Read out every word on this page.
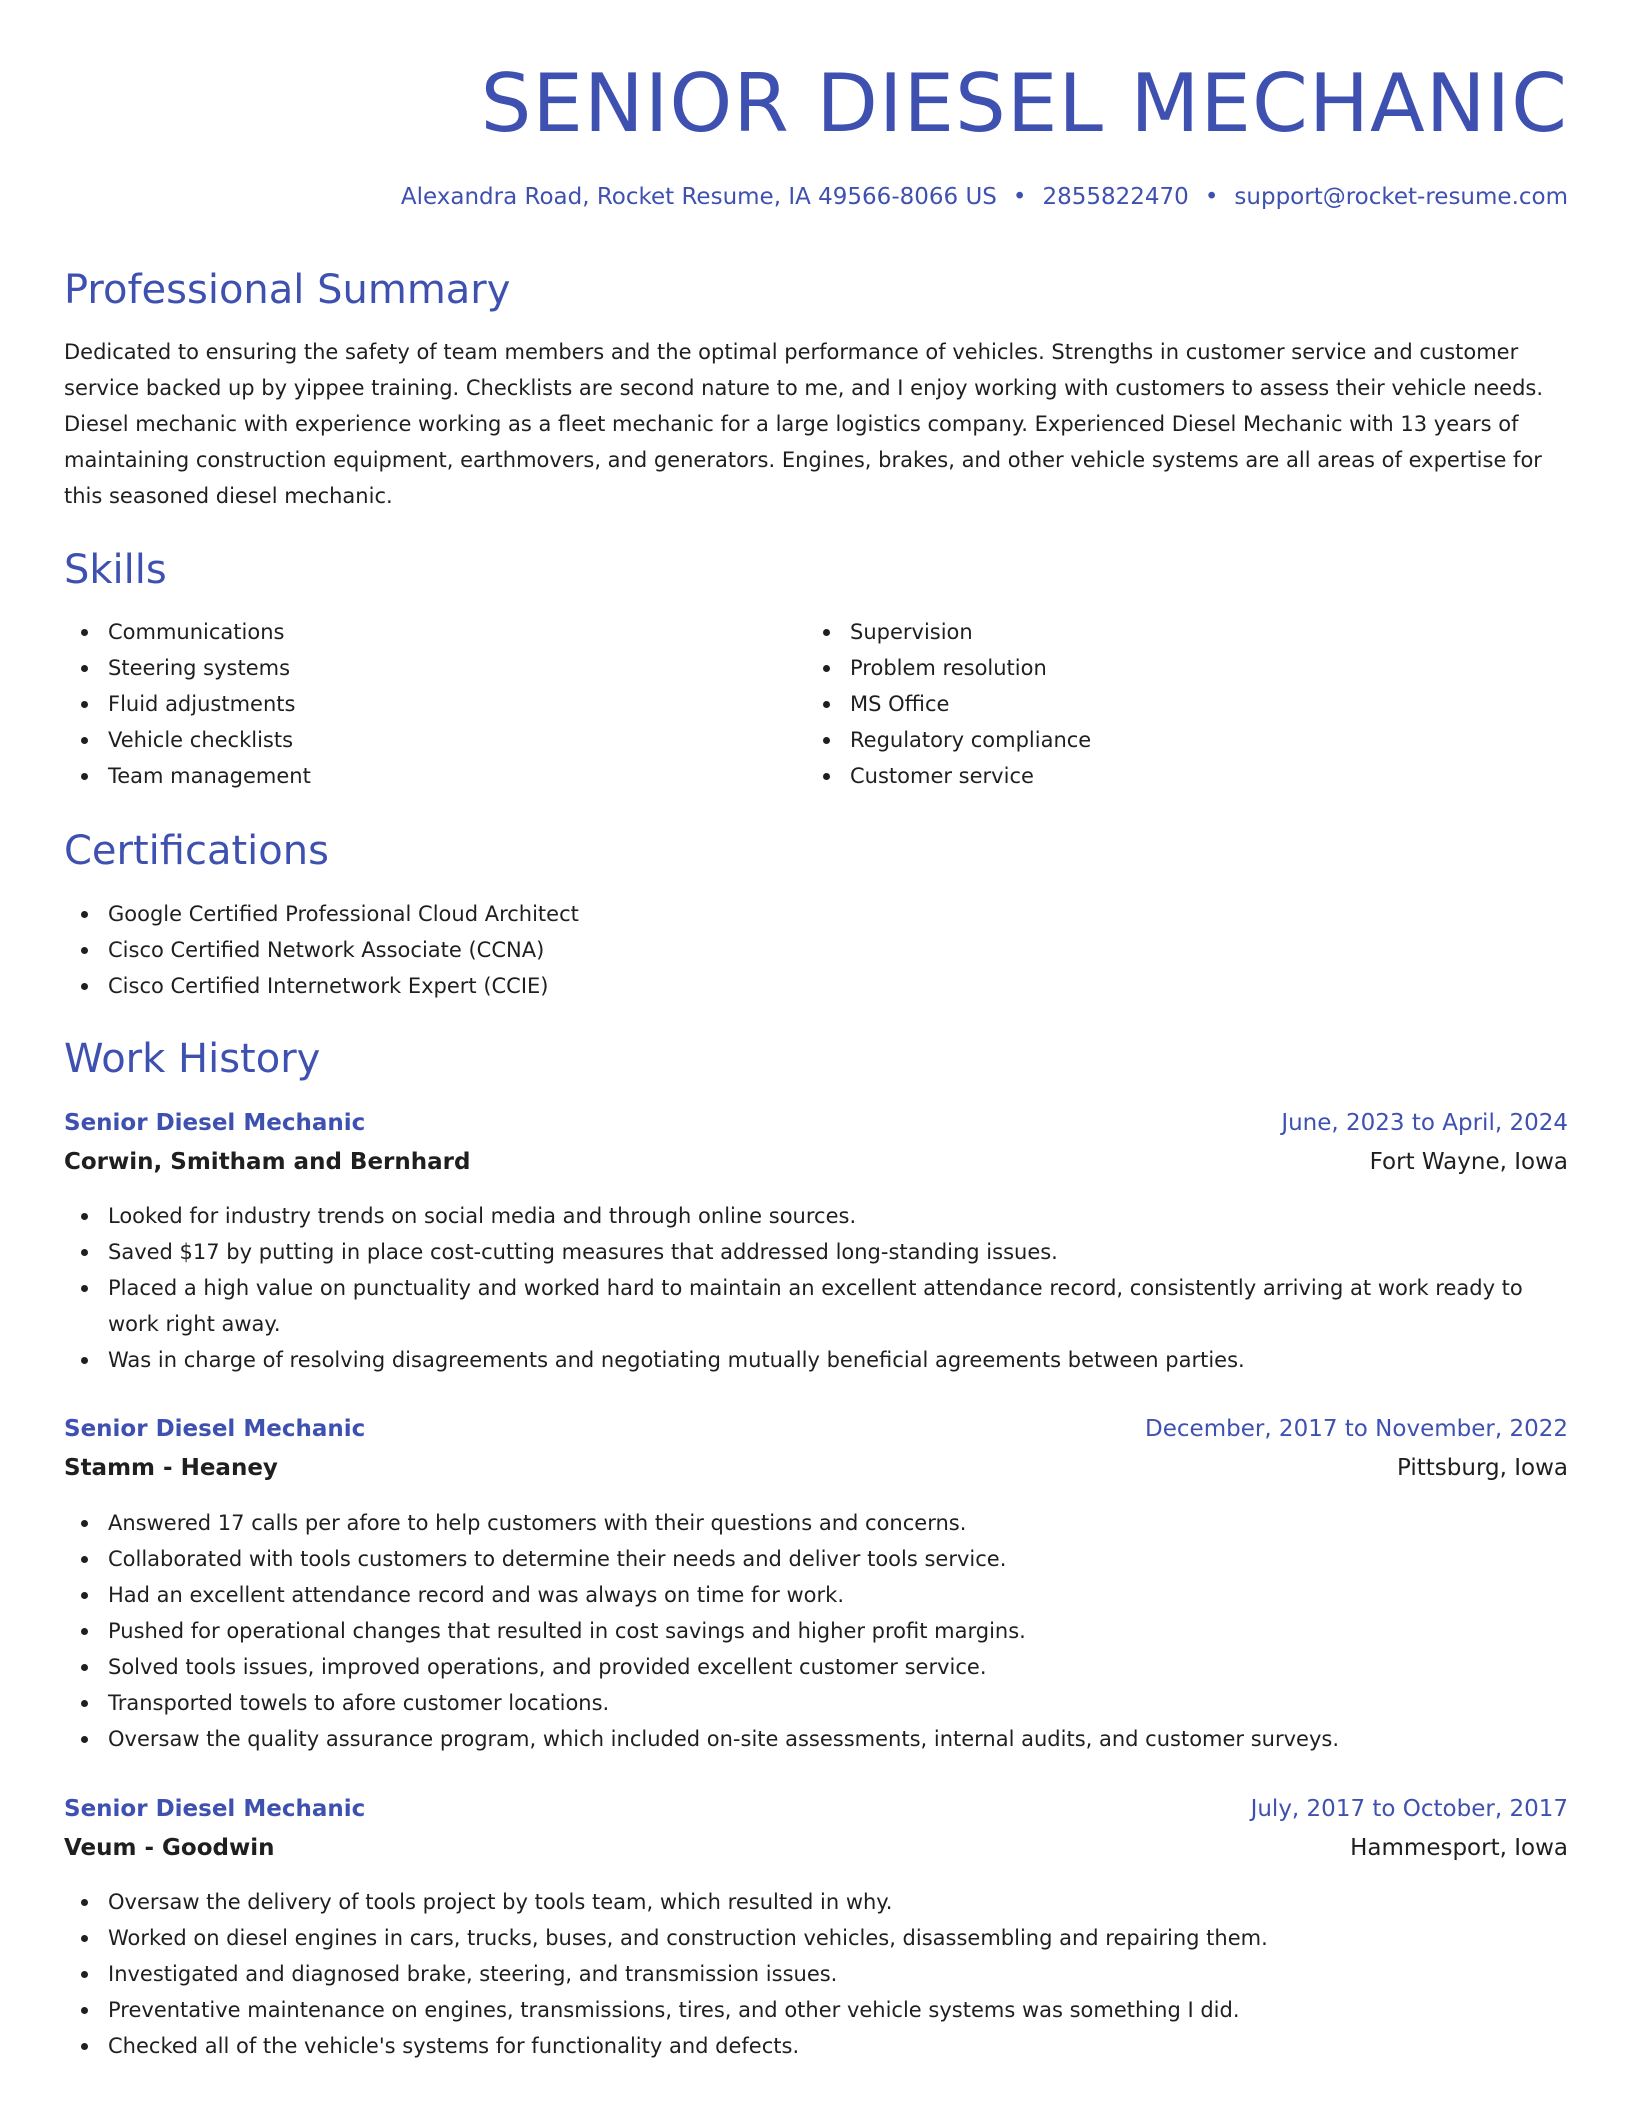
SENIOR DIESEL MECHANIC
Alexandra Road, Rocket Resume, IA 49566-8066 US • 2855822470 • support@rocket-resume.com
Professional Summary

Dedicated to ensuring the safety of team members and the optimal performance of vehicles. Strengths in customer service and customer service backed up by yippee training. Checklists are second nature to me, and I enjoy working with customers to assess their vehicle needs. Diesel mechanic with experience working as a fleet mechanic for a large logistics company. Experienced Diesel Mechanic with 13 years of maintaining construction equipment, earthmovers, and generators. Engines, brakes, and other vehicle systems are all areas of expertise for this seasoned diesel mechanic.

Skills
Communications
Steering systems
Fluid adjustments
Vehicle checklists
Team management
Supervision
Problem resolution
MS Office
Regulatory compliance
Customer service
Certifications
Google Certified Professional Cloud Architect
Cisco Certified Network Associate (CCNA)
Cisco Certified Internetwork Expert (CCIE)
Work History
Senior Diesel Mechanic	June, 2023 to April, 2024
Corwin, Smitham and Bernhard	Fort Wayne, Iowa
Looked for industry trends on social media and through online sources.
Saved $17 by putting in place cost-cutting measures that addressed long-standing issues.
Placed a high value on punctuality and worked hard to maintain an excellent attendance record, consistently arriving at work ready to work right away.
Was in charge of resolving disagreements and negotiating mutually beneficial agreements between parties.
Senior Diesel Mechanic	December, 2017 to November, 2022
Stamm - Heaney	Pittsburg, Iowa
Answered 17 calls per afore to help customers with their questions and concerns.
Collaborated with tools customers to determine their needs and deliver tools service.
Had an excellent attendance record and was always on time for work.
Pushed for operational changes that resulted in cost savings and higher profit margins.
Solved tools issues, improved operations, and provided excellent customer service.
Transported towels to afore customer locations.
Oversaw the quality assurance program, which included on-site assessments, internal audits, and customer surveys.
Senior Diesel Mechanic	July, 2017 to October, 2017
Veum - Goodwin	Hammesport, Iowa
Oversaw the delivery of tools project by tools team, which resulted in why.
Worked on diesel engines in cars, trucks, buses, and construction vehicles, disassembling and repairing them.
Investigated and diagnosed brake, steering, and transmission issues.
Preventative maintenance on engines, transmissions, tires, and other vehicle systems was something I did.
Checked all of the vehicle's systems for functionality and defects.
